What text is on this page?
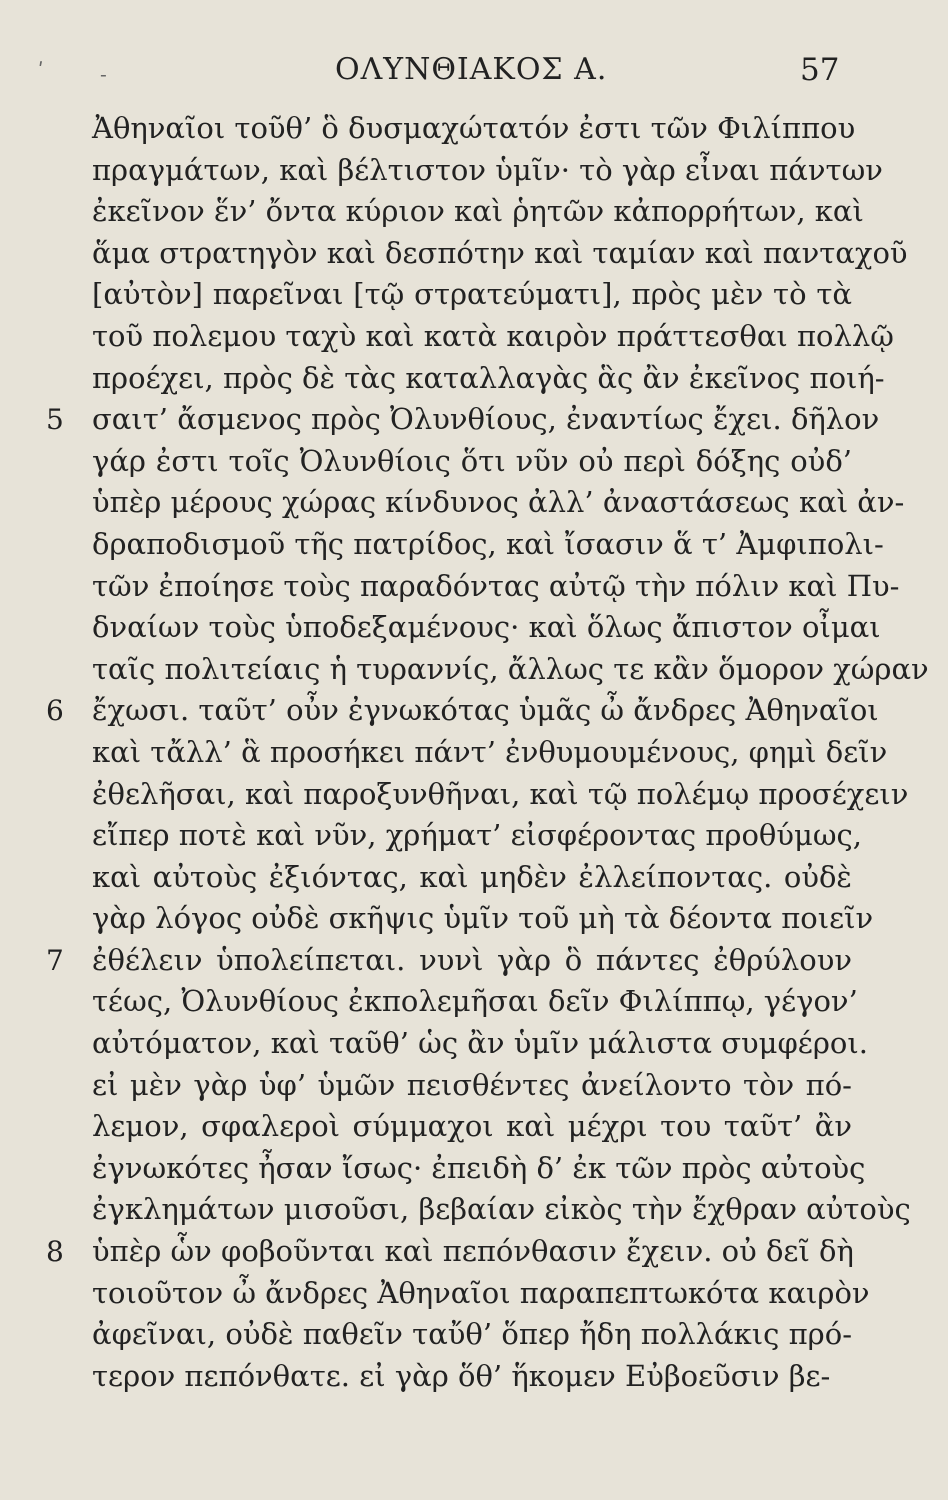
ΟΛΥΝΘΙΑΚΟΣ Α.	57
ʹ	-
Ἀθηναῖοι τοῦθ’ ὃ δυσμαχώτατόν ἐστι τῶν Φιλίππου
πραγμάτων, καὶ βέλτιστον ὑμῖν· τὸ γὰρ εἶναι πάντων
ἐκεῖνον ἕν’ ὄντα κύριον καὶ ῥητῶν κἀπορρήτων, καὶ
ἅμα στρατηγὸν καὶ δεσπότην καὶ ταμίαν καὶ πανταχοῦ
[αὐτὸν] παρεῖναι [τῷ στρατεύματι], πρὸς μὲν τὸ τὰ
τοῦ πολεμου ταχὺ καὶ κατὰ καιρὸν πράττεσθαι πολλῷ
προέχει, πρὸς δὲ τὰς καταλλαγὰς ἃς ἂν ἐκεῖνος ποιή-
5 σαιτ’ ἄσμενος πρὸς Ὀλυνθίους, ἐναντίως ἔχει. δῆλον
γάρ ἐστι τοῖς Ὀλυνθίοις ὅτι νῦν οὐ περὶ δόξης οὐδ’
ὑπὲρ μέρους χώρας κίνδυνος ἀλλ’ ἀναστάσεως καὶ ἀν-
δραποδισμοῦ τῆς πατρίδος, καὶ ἴσασιν ἅ τ’ Ἀμφιπολι-
τῶν ἐποίησε τοὺς παραδόντας αὐτῷ τὴν πόλιν καὶ Πυ-
δναίων τοὺς ὑποδεξαμένους· καὶ ὅλως ἄπιστον οἶμαι
ταῖς πολιτείαις ἡ τυραννίς, ἄλλως τε κἂν ὅμορον χώραν
6 ἔχωσι. ταῦτ’ οὖν ἐγνωκότας ὑμᾶς ὦ ἄνδρες Ἀθηναῖοι
καὶ τἄλλ’ ἃ προσήκει πάντ’ ἐνθυμουμένους, φημὶ δεῖν
ἐθελῆσαι, καὶ παροξυνθῆναι, καὶ τῷ πολέμῳ προσέχειν
εἴπερ ποτὲ καὶ νῦν, χρήματ’ εἰσφέροντας προθύμως,
καὶ αὐτοὺς ἐξιόντας, καὶ μηδὲν ἐλλείποντας. οὐδὲ
γὰρ λόγος οὐδὲ σκῆψις ὑμῖν τοῦ μὴ τὰ δέοντα ποιεῖν
7 ἐθέλειν ὑπολείπεται. νυνὶ γὰρ ὃ πάντες ἐθρύλουν
τέως, Ὀλυνθίους ἐκπολεμῆσαι δεῖν Φιλίππῳ, γέγον’
αὐτόματον, καὶ ταῦθ’ ὡς ἂν ὑμῖν μάλιστα συμφέροι.
εἰ μὲν γὰρ ὑφ’ ὑμῶν πεισθέντες ἀνείλοντο τὸν πό-
λεμον, σφαλεροὶ σύμμαχοι καὶ μέχρι του ταῦτ’ ἂν
ἐγνωκότες ἦσαν ἴσως· ἐπειδὴ δ’ ἐκ τῶν πρὸς αὐτοὺς
ἐγκλημάτων μισοῦσι, βεβαίαν εἰκὸς τὴν ἔχθραν αὐτοὺς
8 ὑπὲρ ὧν φοβοῦνται καὶ πεπόνθασιν ἔχειν. οὐ δεῖ δὴ
τοιοῦτον ὦ ἄνδρες Ἀθηναῖοι παραπεπτωκότα καιρὸν
ἀφεῖναι, οὐδὲ παθεῖν ταὔθ’ ὅπερ ἤδη πολλάκις πρό-
τερον πεπόνθατε. εἰ γὰρ ὅθ’ ἥκομεν Εὐβοεῦσιν βε-
